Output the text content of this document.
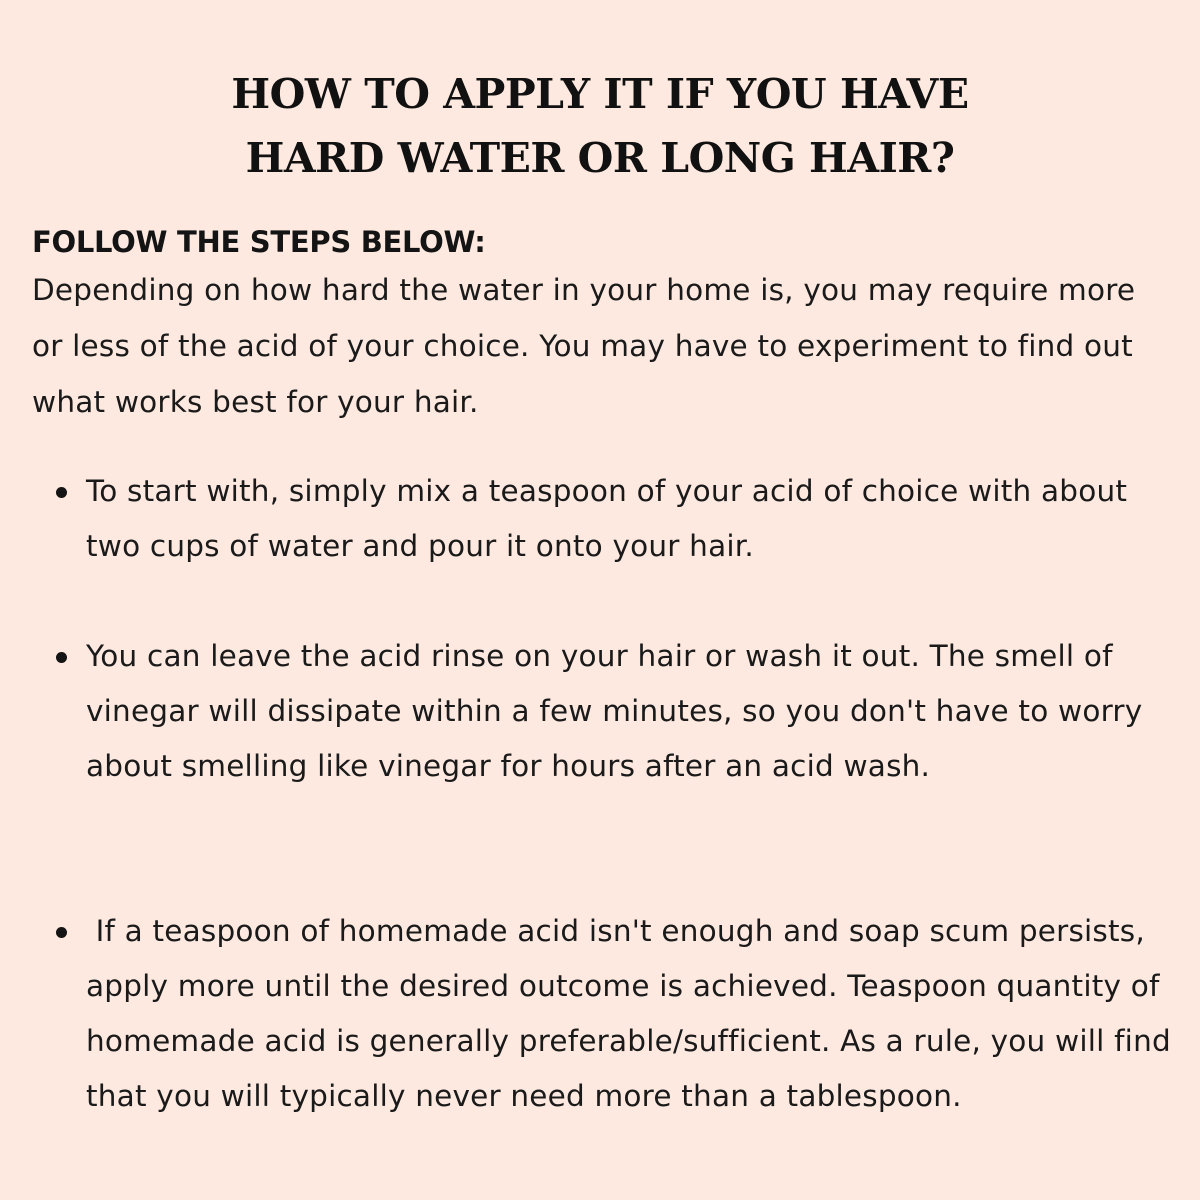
HOW TO APPLY IT IF YOU HAVE
HARD WATER OR LONG HAIR?
FOLLOW THE STEPS BELOW:

Depending on how hard the water in your home is, you may require more or less of the acid of your choice. You may have to experiment to find out what works best for your hair.

To start with, simply mix a teaspoon of your acid of choice with about two cups of water and pour it onto your hair.
You can leave the acid rinse on your hair or wash it out. The smell of vinegar will dissipate within a few minutes, so you don't have to worry about smelling like vinegar for hours after an acid wash.
If a teaspoon of homemade acid isn't enough and soap scum persists, apply more until the desired outcome is achieved. Teaspoon quantity of homemade acid is generally preferable/sufficient. As a rule, you will find that you will typically never need more than a tablespoon.
